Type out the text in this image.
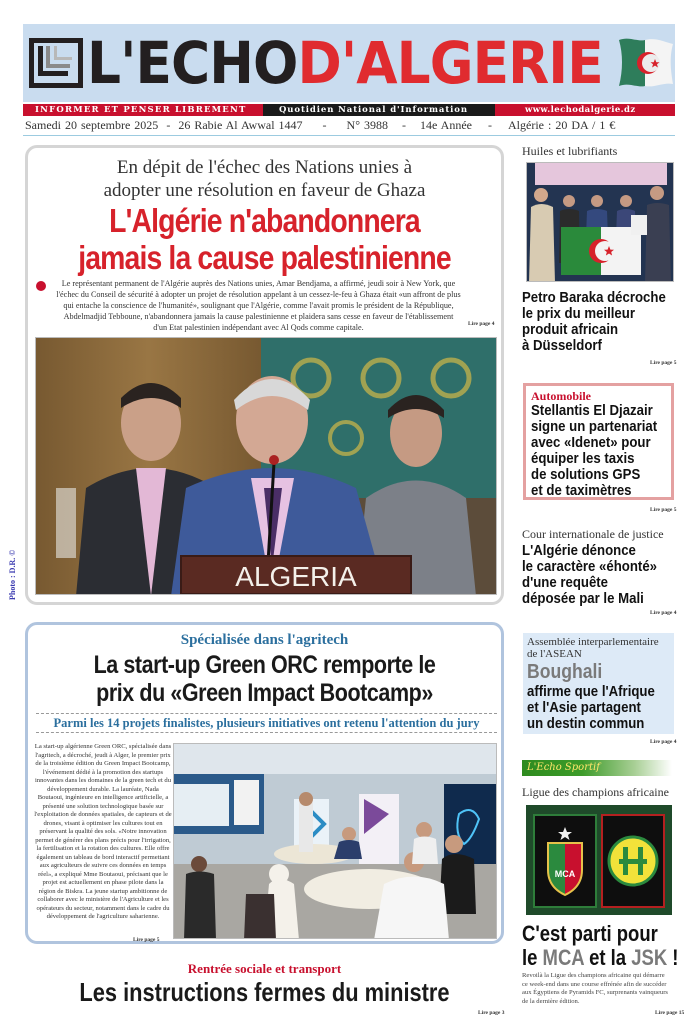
L'ECHOD'ALGERIE
INFORMER ET PENSER LIBREMENT	Quotidien National d'Information	www.lechodalgerie.dz
Samedi 20 septembre 2025 - 26 Rabie Al Awwal 1447 - N° 3988 - 14e Année - Algérie : 20 DA / 1 €
En dépit de l'échec des Nations unies à adopter une résolution en faveur de Ghaza
L'Algérie n'abandonnera jamais la cause palestinienne
Le représentant permanent de l'Algérie auprès des Nations unies, Amar Bendjama, a affirmé, jeudi soir à New York, que l'échec du Conseil de sécurité à adopter un projet de résolution appelant à un cessez-le-feu à Ghaza était «un affront de plus qui entache la conscience de l'humanité», soulignant que l'Algérie, comme l'avait promis le président de la République, Abdelmadjid Tebboune, n'abandonnera jamais la cause palestinienne et plaidera sans cesse en faveur de l'établissement d'un Etat palestinien indépendant avec Al Qods comme capitale.	Lire page 4
ALGERIA
Photo : D.R. ©
Spécialisée dans l'agritech
La start-up Green ORC remporte le prix du «Green Impact Bootcamp»
Parmi les 14 projets finalistes, plusieurs initiatives ont retenu l'attention du jury
La start-up algérienne Green ORC, spécialisée dans l'agritech, a décroché, jeudi à Alger, le premier prix de la troisième édition du Green Impact Bootcamp, l'événement dédié à la promotion des startups innovantes dans les domaines de la green tech et du développement durable. La lauréate, Nada Boutaoui, ingénieure en intelligence artificielle, a présenté une solution technologique basée sur l'exploitation de données spatiales, de capteurs et de drones, visant à optimiser les cultures tout en préservant la qualité des sols. «Notre innovation permet de générer des plans précis pour l'irrigation, la fertilisation et la rotation des cultures. Elle offre également un tableau de bord interactif permettant aux agriculteurs de suivre ces données en temps réel», a expliqué Mme Boutaoui, précisant que le projet est actuellement en phase pilote dans la région de Biskra. La jeune startup ambitionne de collaborer avec le ministère de l'Agriculture et les opérateurs du secteur, notamment dans le cadre du développement de l'agriculture saharienne.
Lire page 5
Rentrée sociale et transport
Les instructions fermes du ministre
Lire page 3
Huiles et lubrifiants
Petro Baraka décroche
le prix du meilleur
produit africain
à Düsseldorf
Lire page 5
Automobile
Stellantis El Djazair
signe un partenariat
avec «Idenet» pour
équiper les taxis
de solutions GPS
et de taximètres
Lire page 5
Cour internationale de justice
L'Algérie dénonce
le caractère «éhonté»
d'une requête
déposée par le Mali
Lire page 4
Assemblée interparlementaire
de l'ASEAN
Boughali
affirme que l'Afrique
et l'Asie partagent
un destin commun
Lire page 4
L'Echo Sportif
Ligue des champions africaine
MCA
C'est parti pour
le MCA et la JSK !
Revoilà la Ligue des champions africaine qui démarre ce week-end dans une course effrénée afin de succéder aux Égyptiens de Pyramids FC, surprenants vainqueurs de la dernière édition.
Lire page 15
